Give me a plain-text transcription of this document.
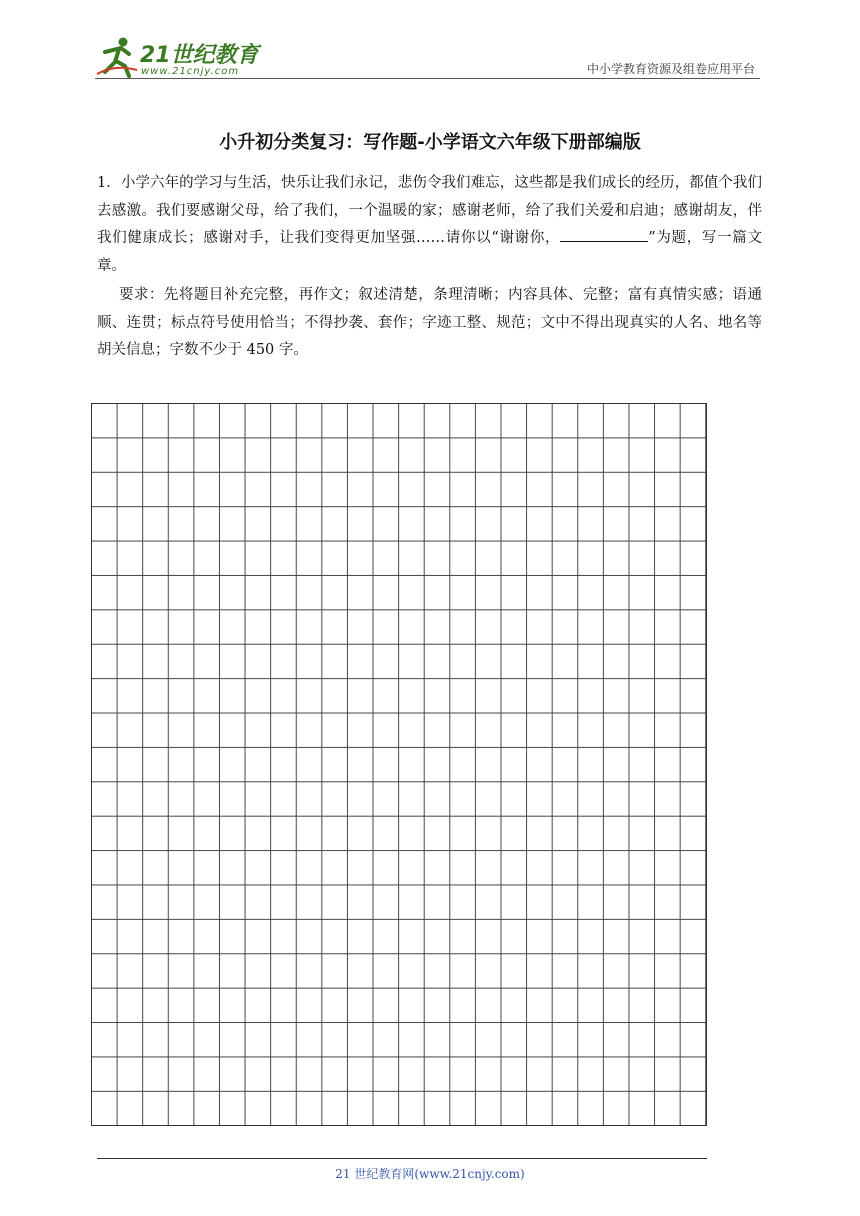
21世纪教育
www.21cnjy.com	中小学教育资源及组卷应用平台
小升初分类复习：写作题-小学语文六年级下册部编版

1．小学六年的学习与生活，快乐让我们永记，悲伤令我们难忘，这些都是我们成长的经历，都值个我们去感激。我们要感谢父母，给了我们，一个温暖的家；感谢老师，给了我们关爱和启迪；感谢胡友，伴我们健康成长；感谢对手，让我们变得更加坚强……请你以“谢谢你，	”为题，写一篇文章。

要求：先将题目补充完整，再作文；叙述清楚，条理清晰；内容具体、完整；富有真情实感；语通顺、连贯；标点符号使用恰当；不得抄袭、套作；字迹工整、规范；文中不得出现真实的人名、地名等胡关信息；字数不少于 450 字。

21 世纪教育网(www.21cnjy.com)
